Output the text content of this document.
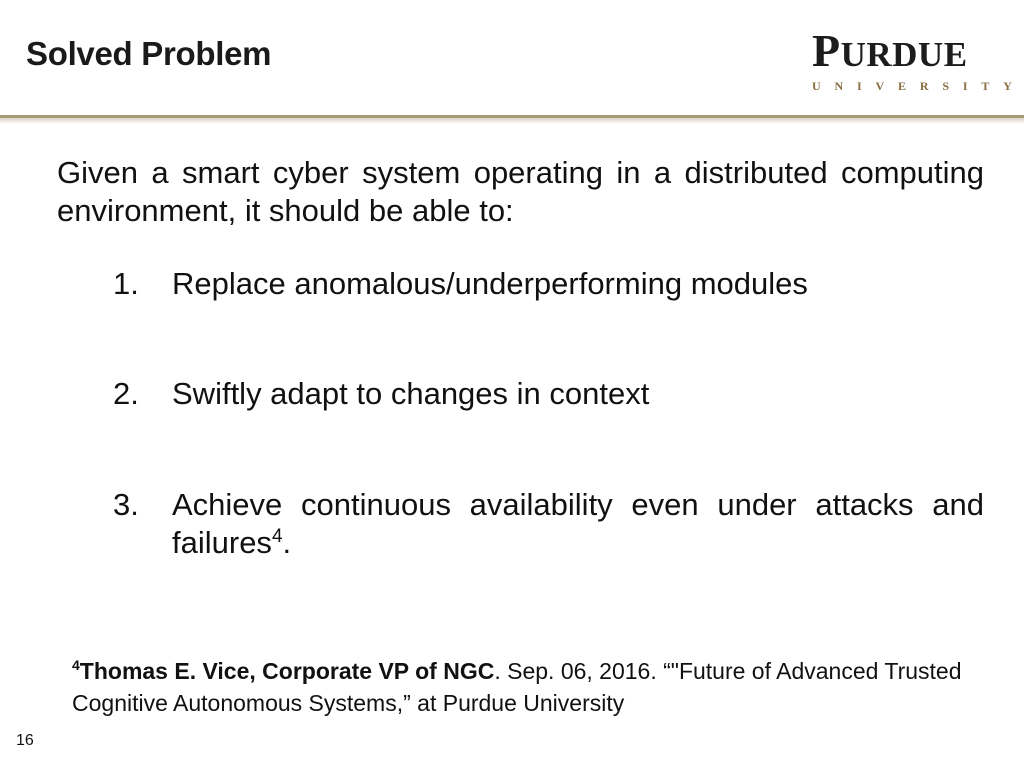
Solved Problem	PURDUE
U N I V E R S I T Y
Given a smart cyber system operating in a distributed computing environment, it should be able to:
1.	Replace anomalous/underperforming modules
2.	Swiftly adapt to changes in context
3.	Achieve continuous availability even under attacks and failures$^4$.
$^4$Thomas E. Vice, Corporate VP of NGC. Sep. 06, 2016. “"Future of Advanced Trusted Cognitive Autonomous Systems,” at Purdue University
16
